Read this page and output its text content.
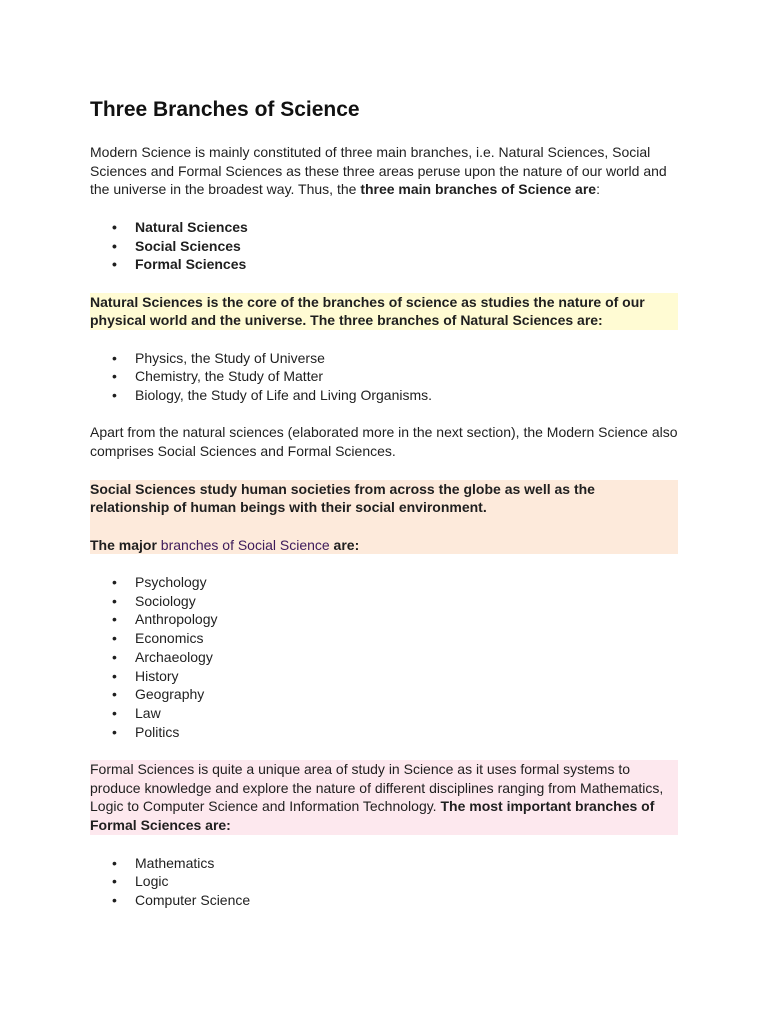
Three Branches of Science

Modern Science is mainly constituted of three main branches, i.e. Natural Sciences, Social Sciences and Formal Sciences as these three areas peruse upon the nature of our world and the universe in the broadest way. Thus, the three main branches of Science are:

• Natural Sciences
• Social Sciences
• Formal Sciences

Natural Sciences is the core of the branches of science as studies the nature of our physical world and the universe. The three branches of Natural Sciences are:

• Physics, the Study of Universe
• Chemistry, the Study of Matter
• Biology, the Study of Life and Living Organisms.

Apart from the natural sciences (elaborated more in the next section), the Modern Science also comprises Social Sciences and Formal Sciences.

Social Sciences study human societies from across the globe as well as the relationship of human beings with their social environment.

The major branches of Social Science are:

• Psychology
• Sociology
• Anthropology
• Economics
• Archaeology
• History
• Geography
• Law
• Politics

Formal Sciences is quite a unique area of study in Science as it uses formal systems to produce knowledge and explore the nature of different disciplines ranging from Mathematics, Logic to Computer Science and Information Technology. The most important branches of Formal Sciences are:

• Mathematics
• Logic
• Computer Science
